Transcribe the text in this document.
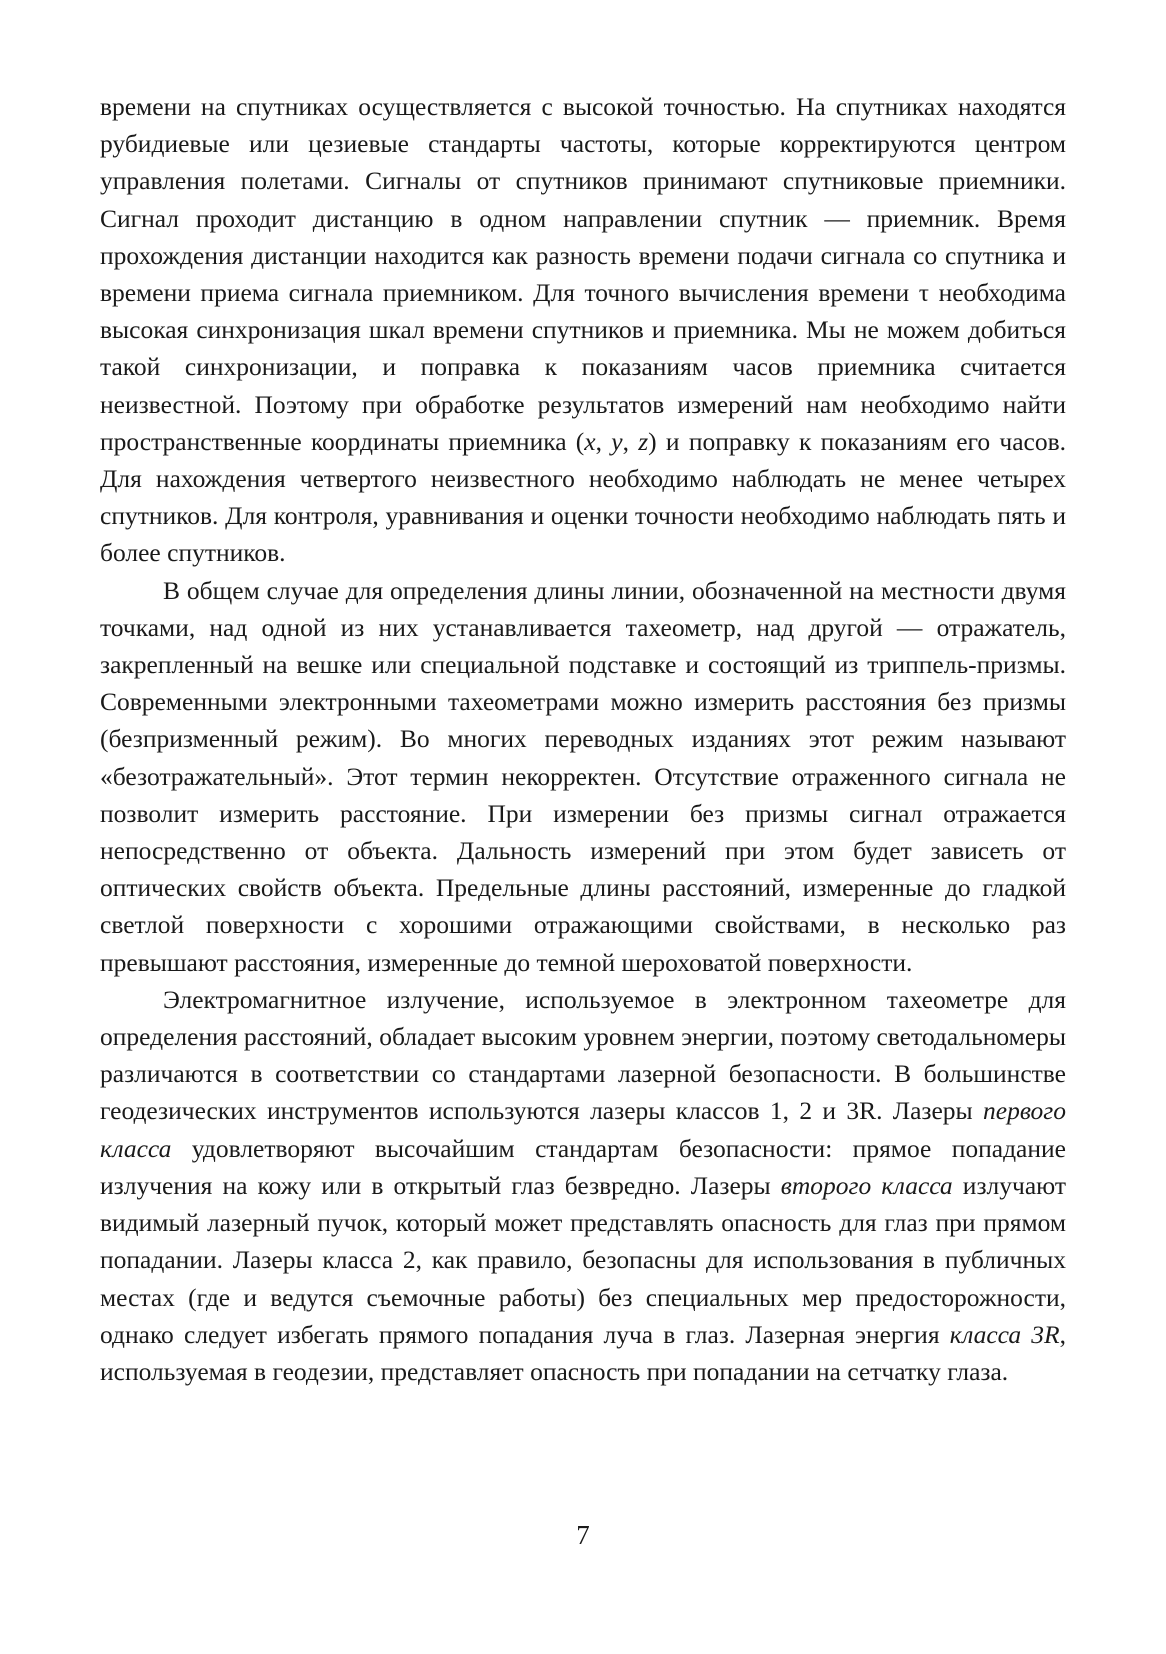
времени на спутниках осуществляется с высокой точностью. На спутниках находятся рубидиевые или цезиевые стандарты частоты, которые корректируются центром управления полетами. Сигналы от спутников принимают спутниковые приемники. Сигнал проходит дистанцию в одном направлении спутник — приемник. Время прохождения дистанции находится как разность времени подачи сигнала со спутника и времени приема сигнала приемником. Для точного вычисления времени τ необходима высокая синхронизация шкал времени спутников и приемника. Мы не можем добиться такой синхронизации, и поправка к показаниям часов приемника считается неизвестной. Поэтому при обработке результатов измерений нам необходимо найти пространственные координаты приемника (x, y, z) и поправку к показаниям его часов. Для нахождения четвертого неизвестного необходимо наблюдать не менее четырех спутников. Для контроля, уравнивания и оценки точности необходимо наблюдать пять и более спутников.

В общем случае для определения длины линии, обозначенной на местности двумя точками, над одной из них устанавливается тахеометр, над другой — отражатель, закрепленный на вешке или специальной подставке и состоящий из триппель-призмы. Современными электронными тахеометрами можно измерить расстояния без призмы (безпризменный режим). Во многих переводных изданиях этот режим называют «безотражательный». Этот термин некорректен. Отсутствие отраженного сигнала не позволит измерить расстояние. При измерении без призмы сигнал отражается непосредственно от объекта. Дальность измерений при этом будет зависеть от оптических свойств объекта. Предельные длины расстояний, измеренные до гладкой светлой поверхности с хорошими отражающими свойствами, в несколько раз превышают расстояния, измеренные до темной шероховатой поверхности.

Электромагнитное излучение, используемое в электронном тахеометре для определения расстояний, обладает высоким уровнем энергии, поэтому светодальномеры различаются в соответствии со стандартами лазерной безопасности. В большинстве геодезических инструментов используются лазеры классов 1, 2 и 3R. Лазеры первого класса удовлетворяют высочайшим стандартам безопасности: прямое попадание излучения на кожу или в открытый глаз безвредно. Лазеры второго класса излучают видимый лазерный пучок, который может представлять опасность для глаз при прямом попадании. Лазеры класса 2, как правило, безопасны для использования в публичных местах (где и ведутся съемочные работы) без специальных мер предосторожности, однако следует избегать прямого попадания луча в глаз. Лазерная энергия класса 3R, используемая в геодезии, представляет опасность при попадании на сетчатку глаза.

7
